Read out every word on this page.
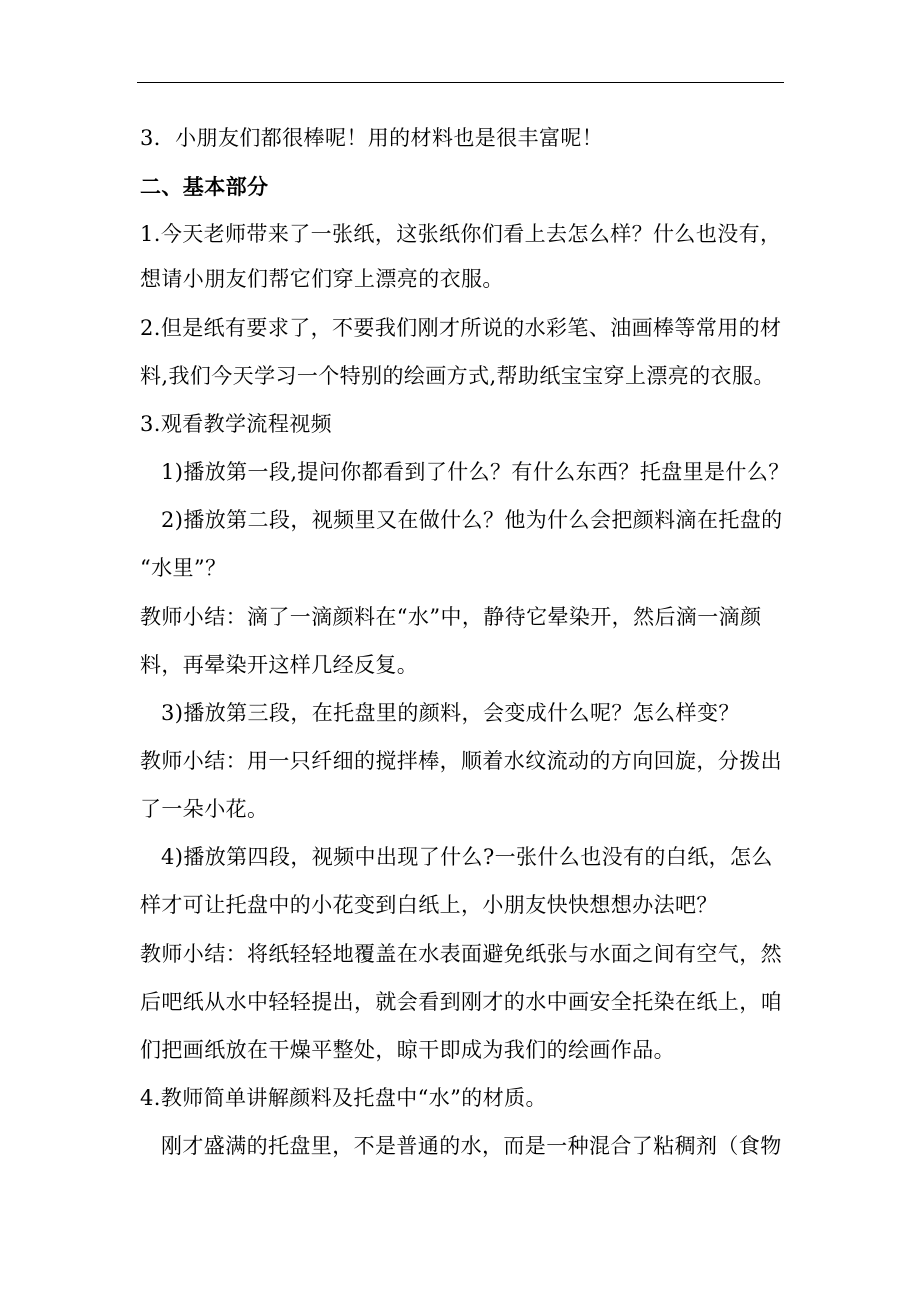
3．小朋友们都很棒呢！用的材料也是很丰富呢！
二、基本部分
1.今天老师带来了一张纸，这张纸你们看上去怎么样？什么也没有，
想请小朋友们帮它们穿上漂亮的衣服。
2.但是纸有要求了，不要我们刚才所说的水彩笔、油画棒等常用的材
料,我们今天学习一个特别的绘画方式,帮助纸宝宝穿上漂亮的衣服。
3.观看教学流程视频
1)播放第一段,提问你都看到了什么？有什么东西？托盘里是什么？
2)播放第二段，视频里又在做什么？他为什么会把颜料滴在托盘的
“水里”？
教师小结：滴了一滴颜料在“水”中，静待它晕染开，然后滴一滴颜
料，再晕染开这样几经反复。
3)播放第三段，在托盘里的颜料，会变成什么呢？怎么样变？
教师小结：用一只纤细的搅拌棒，顺着水纹流动的方向回旋，分拨出
了一朵小花。
4)播放第四段，视频中出现了什么?一张什么也没有的白纸，怎么
样才可让托盘中的小花变到白纸上，小朋友快快想想办法吧？
教师小结：将纸轻轻地覆盖在水表面避免纸张与水面之间有空气，然
后吧纸从水中轻轻提出，就会看到刚才的水中画安全托染在纸上，咱
们把画纸放在干燥平整处，晾干即成为我们的绘画作品。
4.教师简单讲解颜料及托盘中“水”的材质。
刚才盛满的托盘里，不是普通的水，而是一种混合了粘稠剂（食物
